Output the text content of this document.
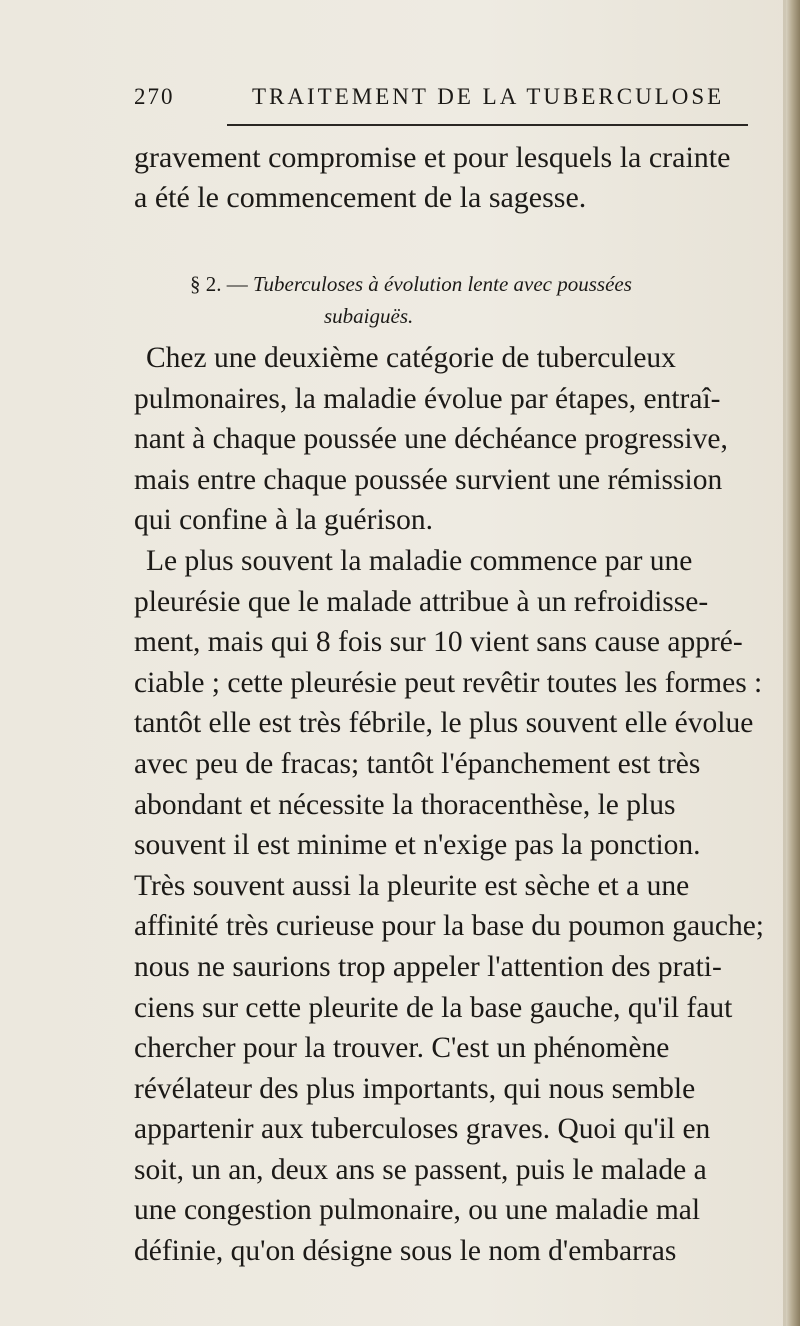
270	TRAITEMENT DE LA TUBERCULOSE

gravement compromise et pour lesquels la crainte

a été le commencement de la sagesse.

§ 2. — Tuberculoses à évolution lente avec poussées

subaiguës.

Chez une deuxième catégorie de tuberculeux
pulmonaires, la maladie évolue par étapes, entraî-
nant à chaque poussée une déchéance progressive,
mais entre chaque poussée survient une rémission
qui confine à la guérison.
Le plus souvent la maladie commence par une
pleurésie que le malade attribue à un refroidisse-
ment, mais qui 8 fois sur 10 vient sans cause appré-
ciable ; cette pleurésie peut revêtir toutes les formes :
tantôt elle est très fébrile, le plus souvent elle évolue
avec peu de fracas; tantôt l'épanchement est très
abondant et nécessite la thoracenthèse, le plus
souvent il est minime et n'exige pas la ponction.
Très souvent aussi la pleurite est sèche et a une
affinité très curieuse pour la base du poumon gauche;
nous ne saurions trop appeler l'attention des prati-
ciens sur cette pleurite de la base gauche, qu'il faut
chercher pour la trouver. C'est un phénomène
révélateur des plus importants, qui nous semble
appartenir aux tuberculoses graves. Quoi qu'il en
soit, un an, deux ans se passent, puis le malade a
une congestion pulmonaire, ou une maladie mal
définie, qu'on désigne sous le nom d'embarras
